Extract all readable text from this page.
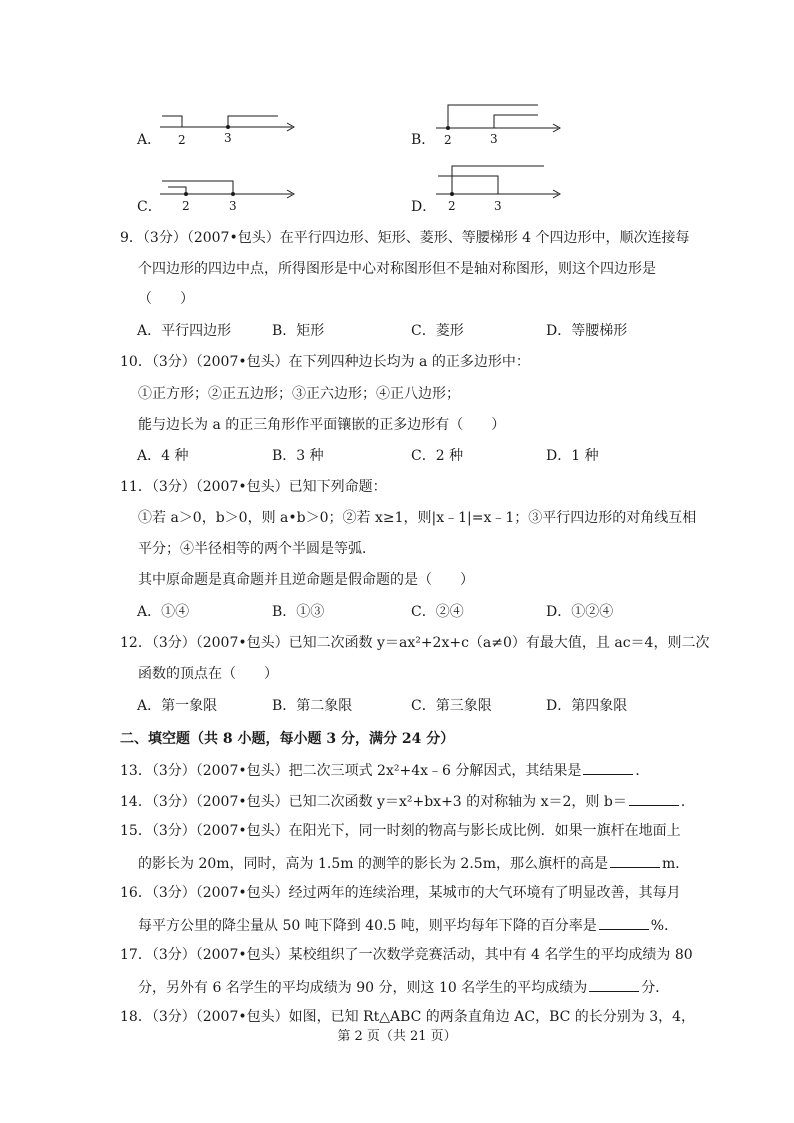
A． 2	3	B． 2	3
C． 2	3	D． 2	3
9．（3分）（2007•包头）在平行四边形、矩形、菱形、等腰梯形 4 个四边形中，顺次连接每
个四边形的四边中点，所得图形是中心对称图形但不是轴对称图形，则这个四边形是
（　　）
A．平行四边形	B．矩形	C．菱形	D．等腰梯形
10．（3分）（2007•包头）在下列四种边长均为 a 的正多边形中：
①正方形；②正五边形；③正六边形；④正八边形；
能与边长为 a 的正三角形作平面镶嵌的正多边形有（　　）
A．4 种	B．3 种	C．2 种	D．1 种
11．（3分）（2007•包头）已知下列命题：
①若 a＞0，b＞0，则 a•b＞0；②若 x≥1，则|x﹣1|=x﹣1；③平行四边形的对角线互相
平分；④半径相等的两个半圆是等弧．
其中原命题是真命题并且逆命题是假命题的是（　　）
A．①④	B．①③	C．②④	D．①②④
12．（3分）（2007•包头）已知二次函数 y＝ax²+2x+c（a≠0）有最大值，且 ac＝4，则二次
函数的顶点在（　　）
A．第一象限	B．第二象限	C．第三象限	D．第四象限
二、填空题（共 8 小题，每小题 3 分，满分 24 分）
13．（3分）（2007•包头）把二次三项式 2x²+4x﹣6 分解因式，其结果是	．
14．（3分）（2007•包头）已知二次函数 y＝x²+bx+3 的对称轴为 x＝2，则 b＝	．
15．（3分）（2007•包头）在阳光下，同一时刻的物高与影长成比例．如果一旗杆在地面上
的影长为 20m，同时，高为 1.5m 的测竿的影长为 2.5m，那么旗杆的高是	m．
16．（3分）（2007•包头）经过两年的连续治理，某城市的大气环境有了明显改善，其每月
每平方公里的降尘量从 50 吨下降到 40.5 吨，则平均每年下降的百分率是	%．
17．（3分）（2007•包头）某校组织了一次数学竞赛活动，其中有 4 名学生的平均成绩为 80
分，另外有 6 名学生的平均成绩为 90 分，则这 10 名学生的平均成绩为	分．
18．（3分）（2007•包头）如图，已知 Rt△ABC 的两条直角边 AC，BC 的长分别为 3，4，
第 2 页（共 21 页）
